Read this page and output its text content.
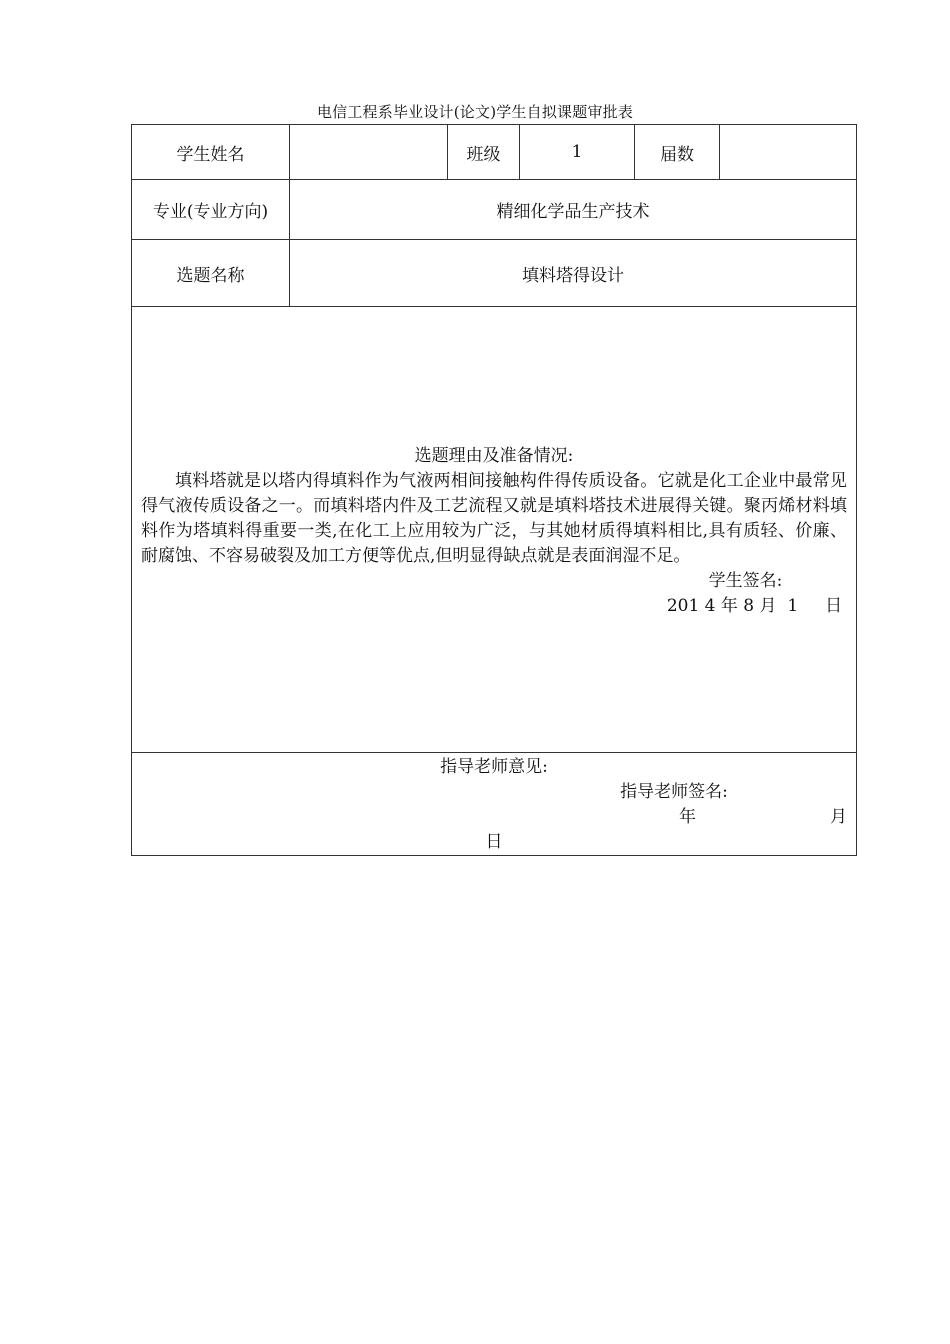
电信工程系毕业设计(论文)学生自拟课题审批表
学生姓名		班级	1	届数	
专业(专业方向)	精细化学品生产技术				
选题名称	填料塔得设计				

选题理由及准备情况:
填料塔就是以塔内得填料作为气液两相间接触构件得传质设备。它就是化工企业中最常见得气液传质设备之一。而填料塔内件及工艺流程又就是填料塔技术进展得关键。聚丙烯材料填料作为塔填料得重要一类,在化工上应用较为广泛，与其她材质得填料相比,具有质轻、价廉、耐腐蚀、不容易破裂及加工方便等优点,但明显得缺点就是表面润湿不足。
学生签名:
201 4 年 8 月  1     日					

指导老师意见:
指导老师签名:
年 月
日					
